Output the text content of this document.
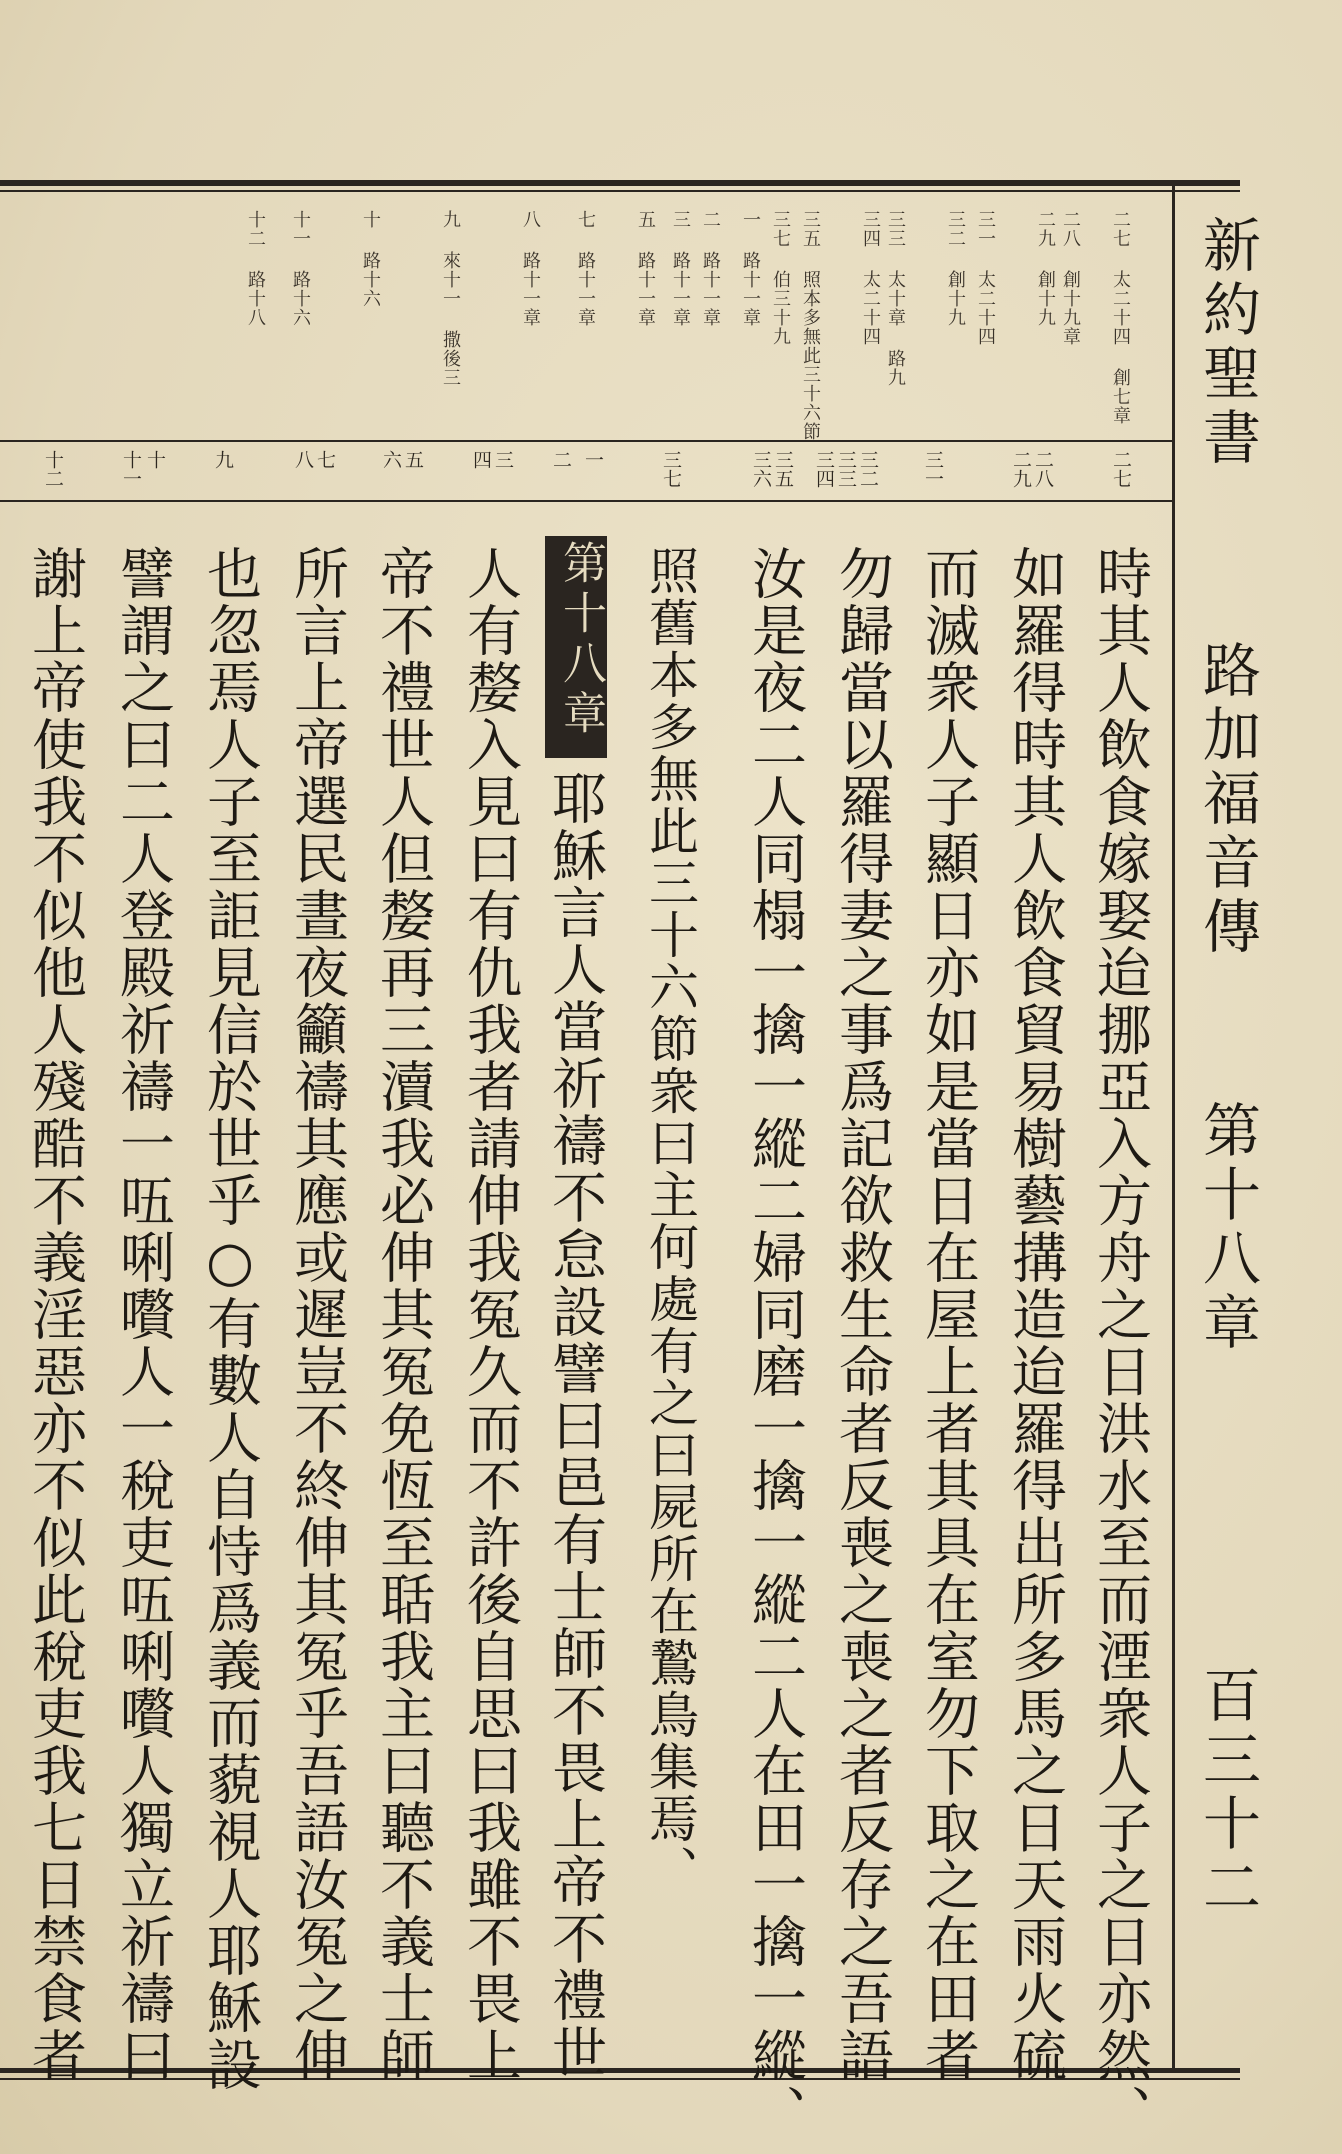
新約聖書
路加福音傳
第十八章
百三十二
二七 太二十四 創七章
二八 創十九章
二九 創十九
三一 太二十四
三二 創十九
三三 太十章 路九
三四 太二十四
三五 照本多無此三十六節
三七 伯三十九
一 路十一章
二 路十一章
三 路十一章
五 路十一章
七 路十一章
八 路十一章
九 來十一 撒後三
十 路十六
十一 路十六
十二 路十八
二七
二八
二九
三一
三二
三三
三四
三五
三六
三七
一
二
三
四
五
六
七
八
九
十
十一
十二
時其人飲食嫁娶迨挪亞入方舟之日洪水至而湮衆人子之日亦然、
如羅得時其人飲食貿易樹藝搆造迨羅得出所多馬之日天雨火硫
而滅衆人子顯日亦如是當日在屋上者其具在室勿下取之在田者
勿歸當以羅得妻之事爲記欲救生命者反喪之喪之者反存之吾語
汝是夜二人同榻一擒一縱二婦同磨一擒一縱二人在田一擒一縱、
照舊本多無此三十六節衆曰主何處有之曰屍所在鷙鳥集焉、
第十八章
耶穌言人當祈禱不怠設譬曰邑有士師不畏上帝不禮世
人有嫠入見曰有仇我者請伸我冤久而不許後自思曰我雖不畏上
帝不禮世人但嫠再三瀆我必伸其冤免恆至聒我主曰聽不義士師
所言上帝選民晝夜籲禱其應或遲豈不終伸其冤乎吾語汝冤之伸
也忽焉人子至詎見信於世乎○有數人自恃爲義而藐視人耶穌設
譬謂之曰二人登殿祈禱一㕶唎嚽人一稅吏㕶唎嚽人獨立祈禱曰
謝上帝使我不似他人殘酷不義淫惡亦不似此稅吏我七日禁食者
